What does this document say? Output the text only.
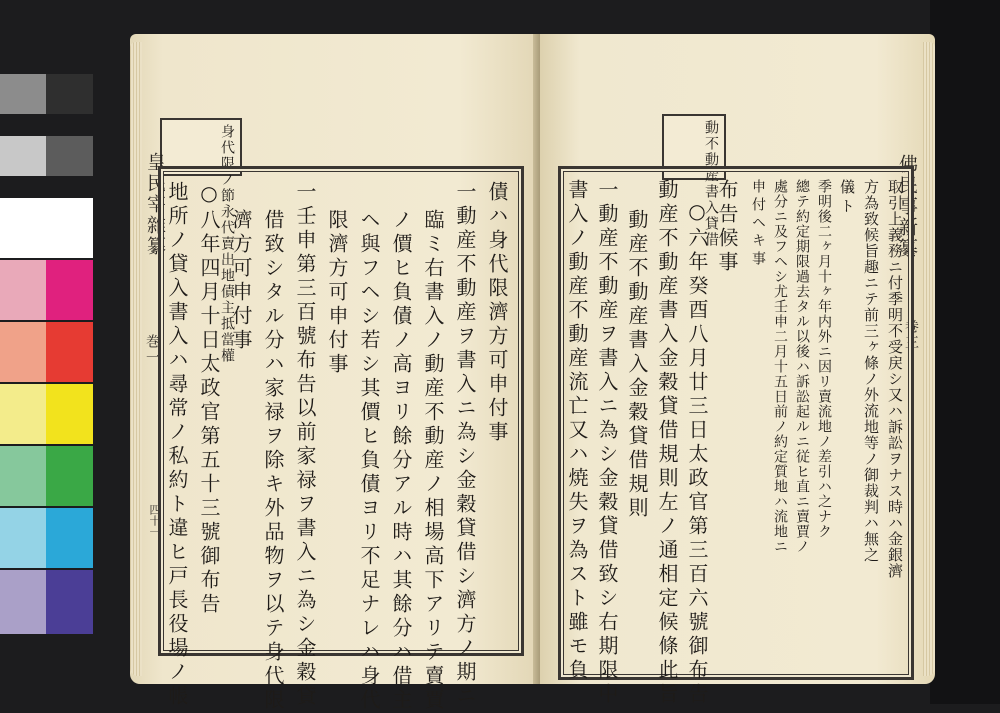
身代限ノ節永代賣出地債主抵當權
皇民宰雜纂
巻一
四十一
債ハ身代限濟方可申付事
一動産不動産ヲ書入ニ為シ金穀貸借シ濟方ノ期ニ
臨ミ右書入ノ動産不動産ノ相場高下アリテ賣賈
ノ價ヒ負債ノ高ヨリ餘分アル時ハ其餘分ハ借主
ヘ與フヘシ若シ其價ヒ負債ヨリ不足ナレハ身代
限濟方可申付事
一壬申第三百號布告以前家禄ヲ書入ニ為シ金穀貸
借致シタル分ハ家禄ヲ除キ外品物ヲ以テ身代限
濟方可申付事
○八年四月十日太政官第五十三號御布告
地所ノ貸入書入ハ尋常ノ私約ト違ヒ戸長役場ノ帳	動不動産書入貸借	佛民事新纂
巻三
取引上義務ニ付季明不受戻シ又ハ訴訟ヲナス時ハ金銀濟
方為致候旨趣ニテ前三ヶ條ノ外流地等ノ御裁判ハ無之
儀ト
季明後二ヶ月十ヶ年内外ニ因リ賣流地ノ差引ハ之ナク
總テ約定期限過去タル以後ハ訴訟起ルニ従ヒ直ニ賣賈ノ
處分ニ及フヘシ尤壬申二月十五日前ノ約定質地ハ流地ニ
申付ヘキ事
布告候事
○六年癸酉八月廿三日太政官第三百六號御布告
動産不動産書入金穀貸借規則左ノ通相定候條此旨
動産不動産書入金穀貸借規則
一動産不動産ヲ書入ニ為シ金穀貸借致シ右期限中
書入ノ動産不動産流亡又ハ焼失ヲ為スト雖モ負
